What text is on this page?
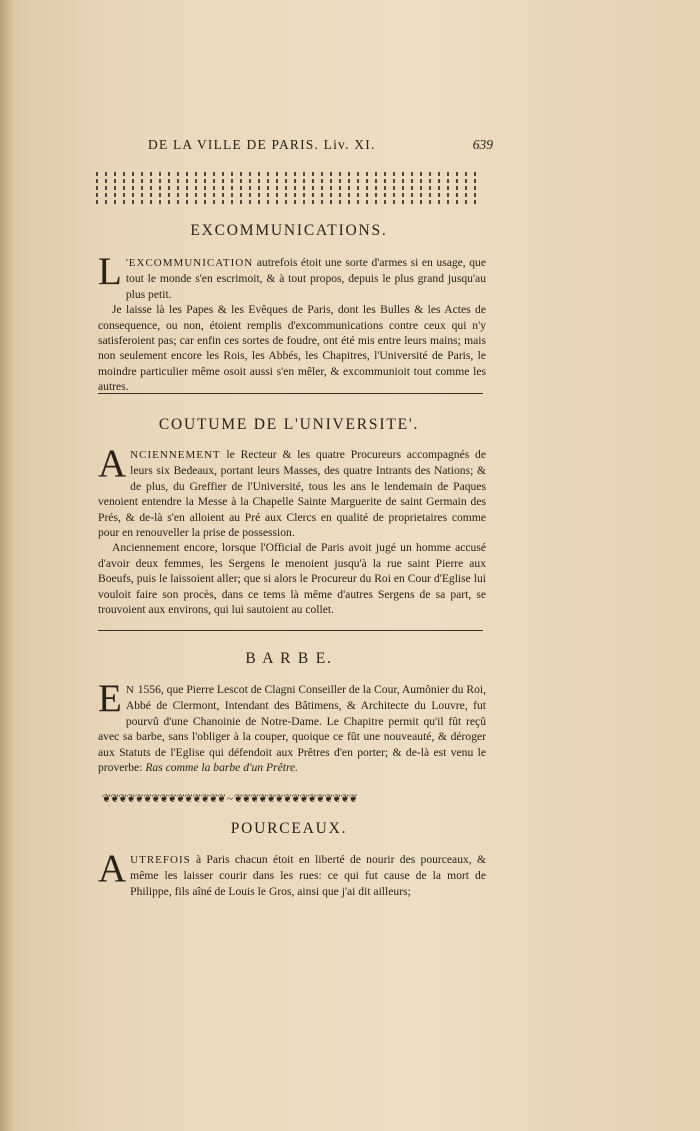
DE LA VILLE DE PARIS. Liv. XI.	639
EXCOMMUNICATIONS.

L 'EXCOMMUNICATION autrefois étoit une sorte d'armes si en usage, que tout le monde s'en escrimoit, & à tout propos, depuis le plus grand jusqu'au plus petit.

Je laisse là les Papes & les Evêques de Paris, dont les Bulles & les Actes de consequence, ou non, étoient remplis d'excommunications contre ceux qui n'y satisferoient pas; car enfin ces sortes de foudre, ont été mis entre leurs mains; mais non seulement encore les Rois, les Abbés, les Chapitres, l'Université de Paris, le moindre particulier même osoit aussi s'en mêler, & excommunioit tout comme les autres.

COUTUME DE L'UNIVERSITE'.

ANCIENNEMENT le Recteur & les quatre Procureurs accompagnés de leurs six Bedeaux, portant leurs Masses, des quatre Intrants des Nations; & de plus, du Greffier de l'Université, tous les ans le lendemain de Paques venoient entendre la Messe à la Chapelle Sainte Marguerite de saint Germain des Prés, & de-là s'en alloient au Pré aux Clercs en qualité de proprietaires comme pour en renouveller la prise de possession.

Anciennement encore, lorsque l'Official de Paris avoit jugé un homme accusé d'avoir deux femmes, les Sergens le menoient jusqu'à la rue saint Pierre aux Boeufs, puis le laissoient aller; que si alors le Procureur du Roi en Cour d'Eglise lui vouloit faire son procès, dans ce tems là même d'autres Sergens de sa part, se trouvoient aux environs, qui lui sautoient au collet.

B A R B E.

E N 1556, que Pierre Lescot de Clagni Conseiller de la Cour, Aumônier du Roi, Abbé de Clermont, Intendant des Bâtimens, & Architecte du Louvre, fut pourvû d'une Chanoinie de Notre-Dame. Le Chapitre permit qu'il fût reçû avec sa barbe, sans l'obliger à la couper, quoique ce fût une nouveauté, & déroger aux Statuts de l'Eglise qui défendoit aux Prêtres d'en porter; & de-là est venu le proverbe: Ras comme la barbe d'un Prêtre.

❦❦❦❦❦❦❦❦❦❦❦❦❦❦❦ ~ ❦❦❦❦❦❦❦❦❦❦❦❦❦❦❦
POURCEAUX.

AUTREFOIS à Paris chacun étoit en liberté de nourir des pourceaux, & même les laisser courir dans les rues: ce qui fut cause de la mort de Philippe, fils aîné de Louis le Gros, ainsi que j'ai dit ailleurs;
